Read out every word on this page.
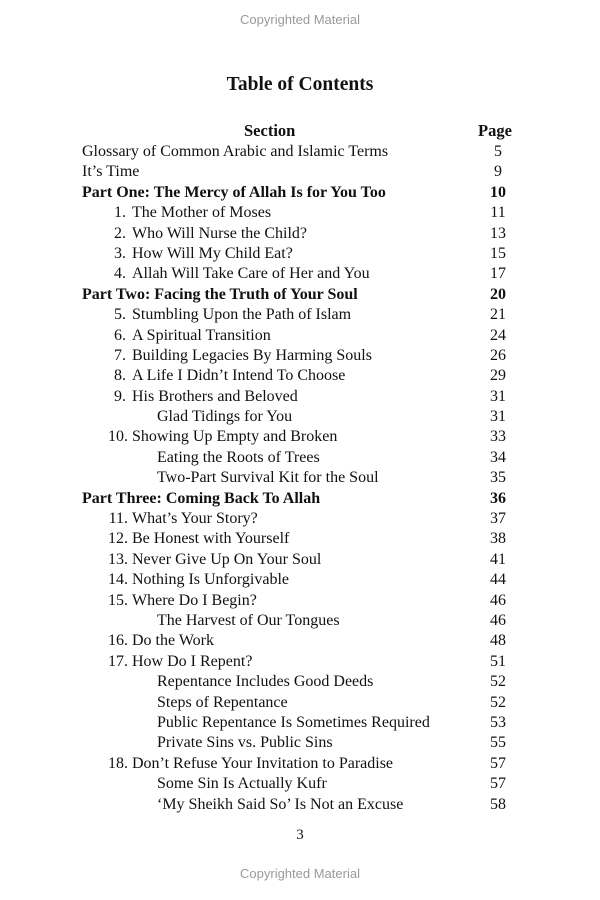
Copyrighted Material
Table of Contents
Section	Page
Glossary of Common Arabic and Islamic Terms	5
It’s Time	9
Part One: The Mercy of Allah Is for You Too	10
1. The Mother of Moses	11
2. Who Will Nurse the Child?	13
3. How Will My Child Eat?	15
4. Allah Will Take Care of Her and You	17
Part Two: Facing the Truth of Your Soul	20
5. Stumbling Upon the Path of Islam	21
6. A Spiritual Transition	24
7. Building Legacies By Harming Souls	26
8. A Life I Didn’t Intend To Choose	29
9. His Brothers and Beloved	31
Glad Tidings for You	31
10. Showing Up Empty and Broken	33
Eating the Roots of Trees	34
Two-Part Survival Kit for the Soul	35
Part Three: Coming Back To Allah	36
11. What’s Your Story?	37
12. Be Honest with Yourself	38
13. Never Give Up On Your Soul	41
14. Nothing Is Unforgivable	44
15. Where Do I Begin?	46
The Harvest of Our Tongues	46
16. Do the Work	48
17. How Do I Repent?	51
Repentance Includes Good Deeds	52
Steps of Repentance	52
Public Repentance Is Sometimes Required	53
Private Sins vs. Public Sins	55
18. Don’t Refuse Your Invitation to Paradise	57
Some Sin Is Actually Kufr	57
‘My Sheikh Said So’ Is Not an Excuse	58
3
Copyrighted Material
